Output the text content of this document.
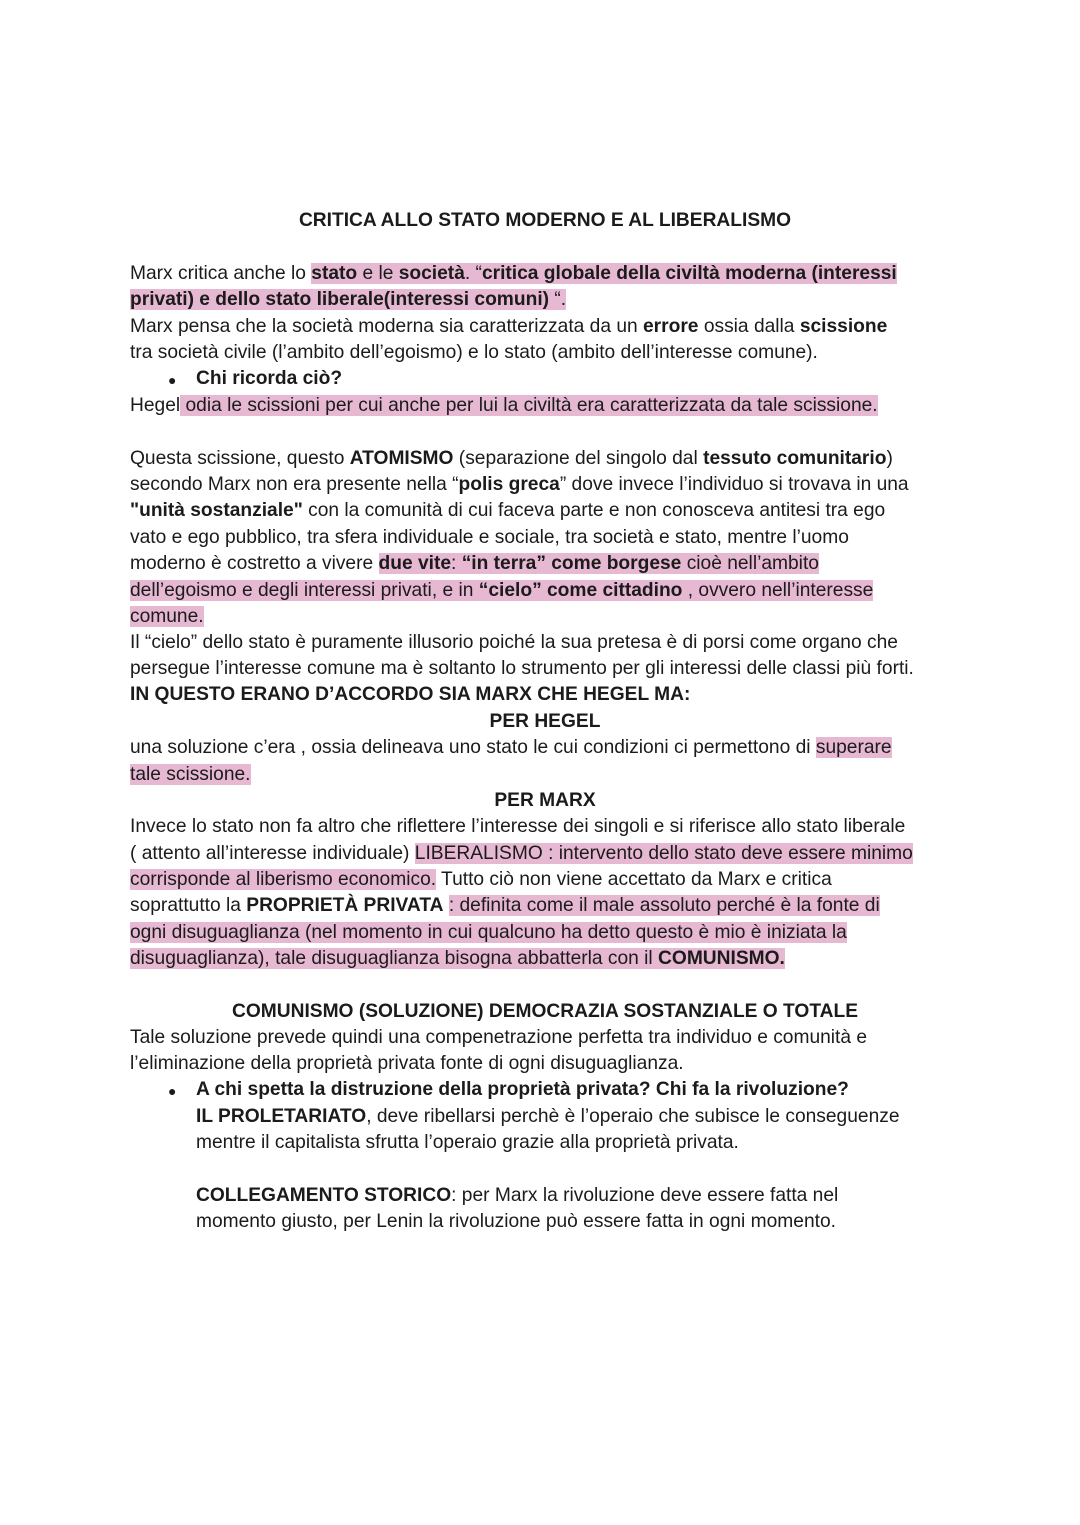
CRITICA ALLO STATO MODERNO E AL LIBERALISMO
Marx critica anche lo stato e le società. “critica globale della civiltà moderna (interessi
privati) e dello stato liberale(interessi comuni) “.
Marx pensa che la società moderna sia caratterizzata da un errore ossia dalla scissione
tra società civile (l’ambito dell’egoismo) e lo stato (ambito dell’interesse comune).
● Chi ricorda ciò?
Hegel odia le scissioni per cui anche per lui la civiltà era caratterizzata da tale scissione.
Questa scissione, questo ATOMISMO (separazione del singolo dal tessuto comunitario)
secondo Marx non era presente nella “polis greca” dove invece l’individuo si trovava in una
"unità sostanziale" con la comunità di cui faceva parte e non conosceva antitesi tra ego
vato e ego pubblico, tra sfera individuale e sociale, tra società e stato, mentre l’uomo
moderno è costretto a vivere due vite: “in terra” come borgese cioè nell’ambito
dell’egoismo e degli interessi privati, e in “cielo” come cittadino , ovvero nell’interesse
comune.
Il “cielo” dello stato è puramente illusorio poiché la sua pretesa è di porsi come organo che
persegue l’interesse comune ma è soltanto lo strumento per gli interessi delle classi più forti.
IN QUESTO ERANO D’ACCORDO SIA MARX CHE HEGEL MA:
PER HEGEL
una soluzione c’era , ossia delineava uno stato le cui condizioni ci permettono di superare
tale scissione.
PER MARX
Invece lo stato non fa altro che riflettere l’interesse dei singoli e si riferisce allo stato liberale
( attento all’interesse individuale) LIBERALISMO : intervento dello stato deve essere minimo
corrisponde al liberismo economico. Tutto ciò non viene accettato da Marx e critica
soprattutto la PROPRIETÀ PRIVATA : definita come il male assoluto perché è la fonte di
ogni disuguaglianza (nel momento in cui qualcuno ha detto questo è mio è iniziata la
disuguaglianza), tale disuguaglianza bisogna abbatterla con il COMUNISMO.
COMUNISMO (SOLUZIONE) DEMOCRAZIA SOSTANZIALE O TOTALE
Tale soluzione prevede quindi una compenetrazione perfetta tra individuo e comunità e
l’eliminazione della proprietà privata fonte di ogni disuguaglianza.
● A chi spetta la distruzione della proprietà privata? Chi fa la rivoluzione?
IL PROLETARIATO, deve ribellarsi perchè è l’operaio che subisce le conseguenze
mentre il capitalista sfrutta l’operaio grazie alla proprietà privata.
COLLEGAMENTO STORICO: per Marx la rivoluzione deve essere fatta nel
momento giusto, per Lenin la rivoluzione può essere fatta in ogni momento.
